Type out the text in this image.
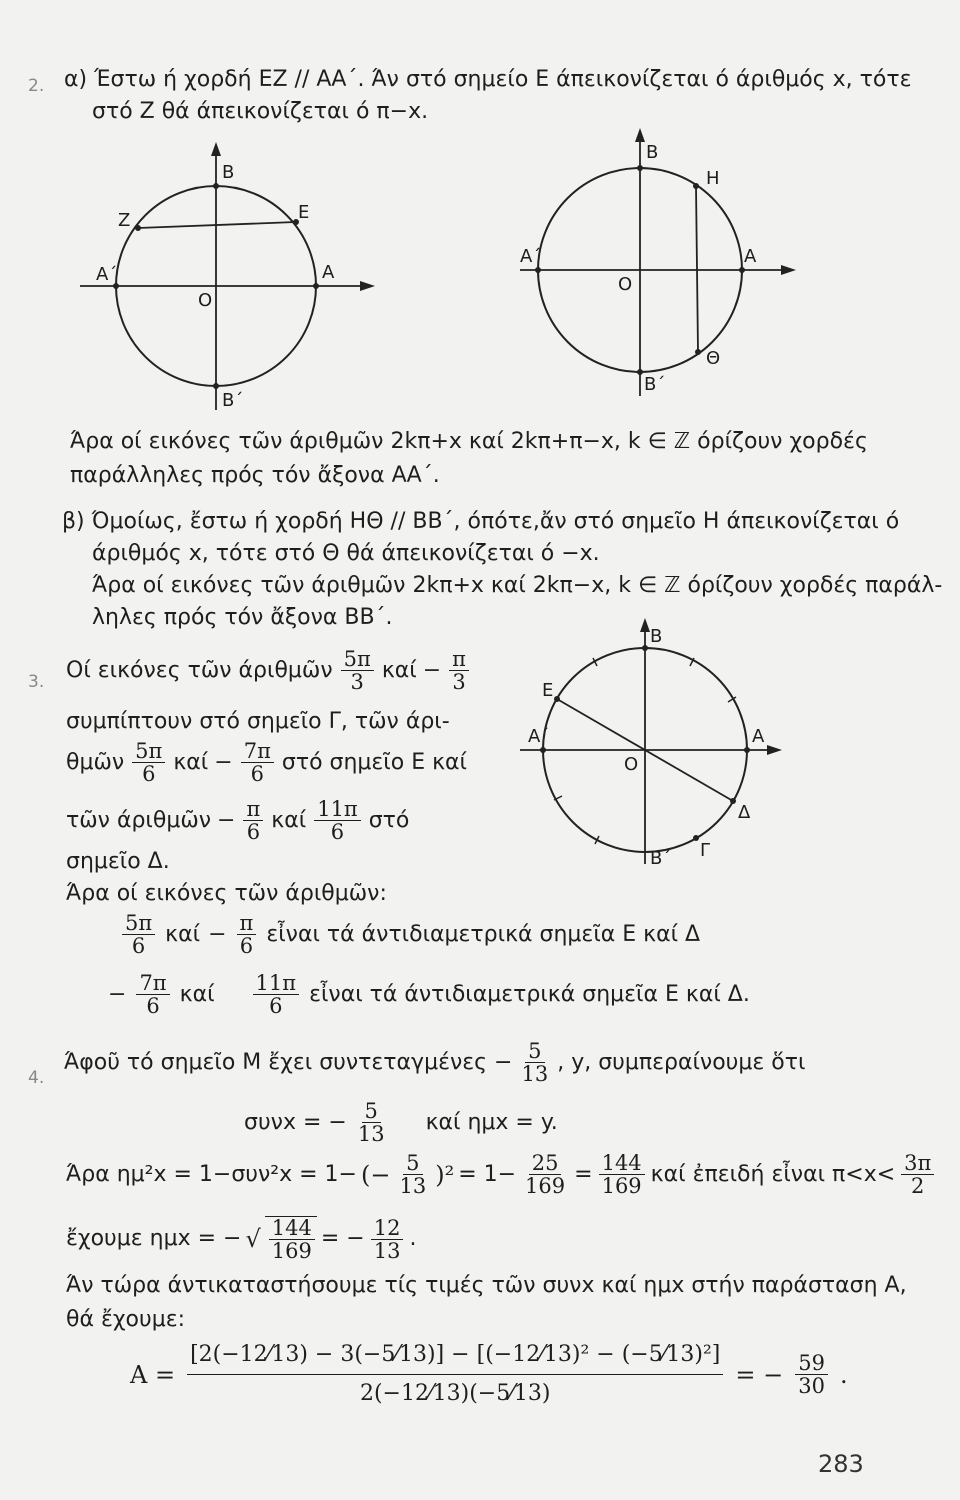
2. α) Έστω ή χορδή ΕΖ // ΑΑ΄. Άν στό σημείο Ε άπεικονίζεται ό άριθμός x, τότε
στό Ζ θά άπεικονίζεται ό π−x.
B
Z	E
A΄	A
O
B΄
B
H
A΄	A
O
Θ
B΄
Άρα οί εικόνες τῶν άριθμῶν 2kπ+x καί 2kπ+π−x, k ∈ ℤ όρίζουν χορδές
παράλληλες πρός τόν ἄξονα ΑΑ΄.
β) Όμοίως, ἔστω ή χορδή ΗΘ // ΒΒ΄, όπότε,ἄν στό σημεῖο Η άπεικονίζεται ό
άριθμός x, τότε στό Θ θά άπεικονίζεται ό −x.
Άρα οί εικόνες τῶν άριθμῶν 2kπ+x καί 2kπ−x, k ∈ ℤ όρίζουν χορδές παράλ-
ληλες πρός τόν ἄξονα ΒΒ΄.
B
E
A΄	A
O
Δ
Γ
B΄
3. Οί εικόνες τῶν άριθμῶν $\frac{5\pi}{3}$ $\kappa\alpha ί - \frac{\pi}{3}$
συμπίπτουν στό σημεῖο Γ, τῶν άρι-
θμῶν $\frac{5\pi}{6}$ $\kappa\alpha ί - \frac{7\pi}{6}$ στό σημεῖο Ε καί
τῶν άριθμῶν − $\frac{\pi}{6}$ καί $\frac{11\pi}{6}$ στό
σημεῖο Δ.
Άρα οί εικόνες τῶν άριθμῶν:
$\frac{5\pi}{6}$ $\kappa\alpha ί - \frac{\pi}{6}$ εἶναι τά άντιδιαμετρικά σημεῖα Ε καί Δ
− $\frac{7\pi}{6}$ καί $\frac{11\pi}{6}$ εἶναι τά άντιδιαμετρικά σημεῖα Ε καί Δ.
4.
Άφοῦ τό σημεῖο Μ ἔχει $\sigma\upsilon\nu\tau\varepsilon\tau\alpha\gamma\mu έ\nu\varepsilon\varsigma - \frac{5}{13}$ , y, συμπεραίνουμε ὅτι
συνx = − $\frac{5}{13}$ καί ημx = y.
Άρα ημ²x = 1−συν²x = 1− (− $\frac{5}{13} )^2 = 1- \frac{25}{169} = \frac{144}{169}$ καί ἐπειδή εἶναι $\pi<x< \frac{3\pi}{2}$
ἔχουμε ημx = − √ $\frac{144}{169}$ = − $\frac{12}{13}$ .
Άν τώρα άντικαταστήσουμε τίς τιμές τῶν συνx καί ημx στήν παράσταση Α,
θά ἔχουμε:
$A = \frac{\text{[2(−12⁄13) − 3(−5⁄13)] − [(−12⁄13)² − (−5⁄13)²]}}{2(-12⁄13)(-5⁄13)}$ = − $\frac{59}{30}$ .
283
